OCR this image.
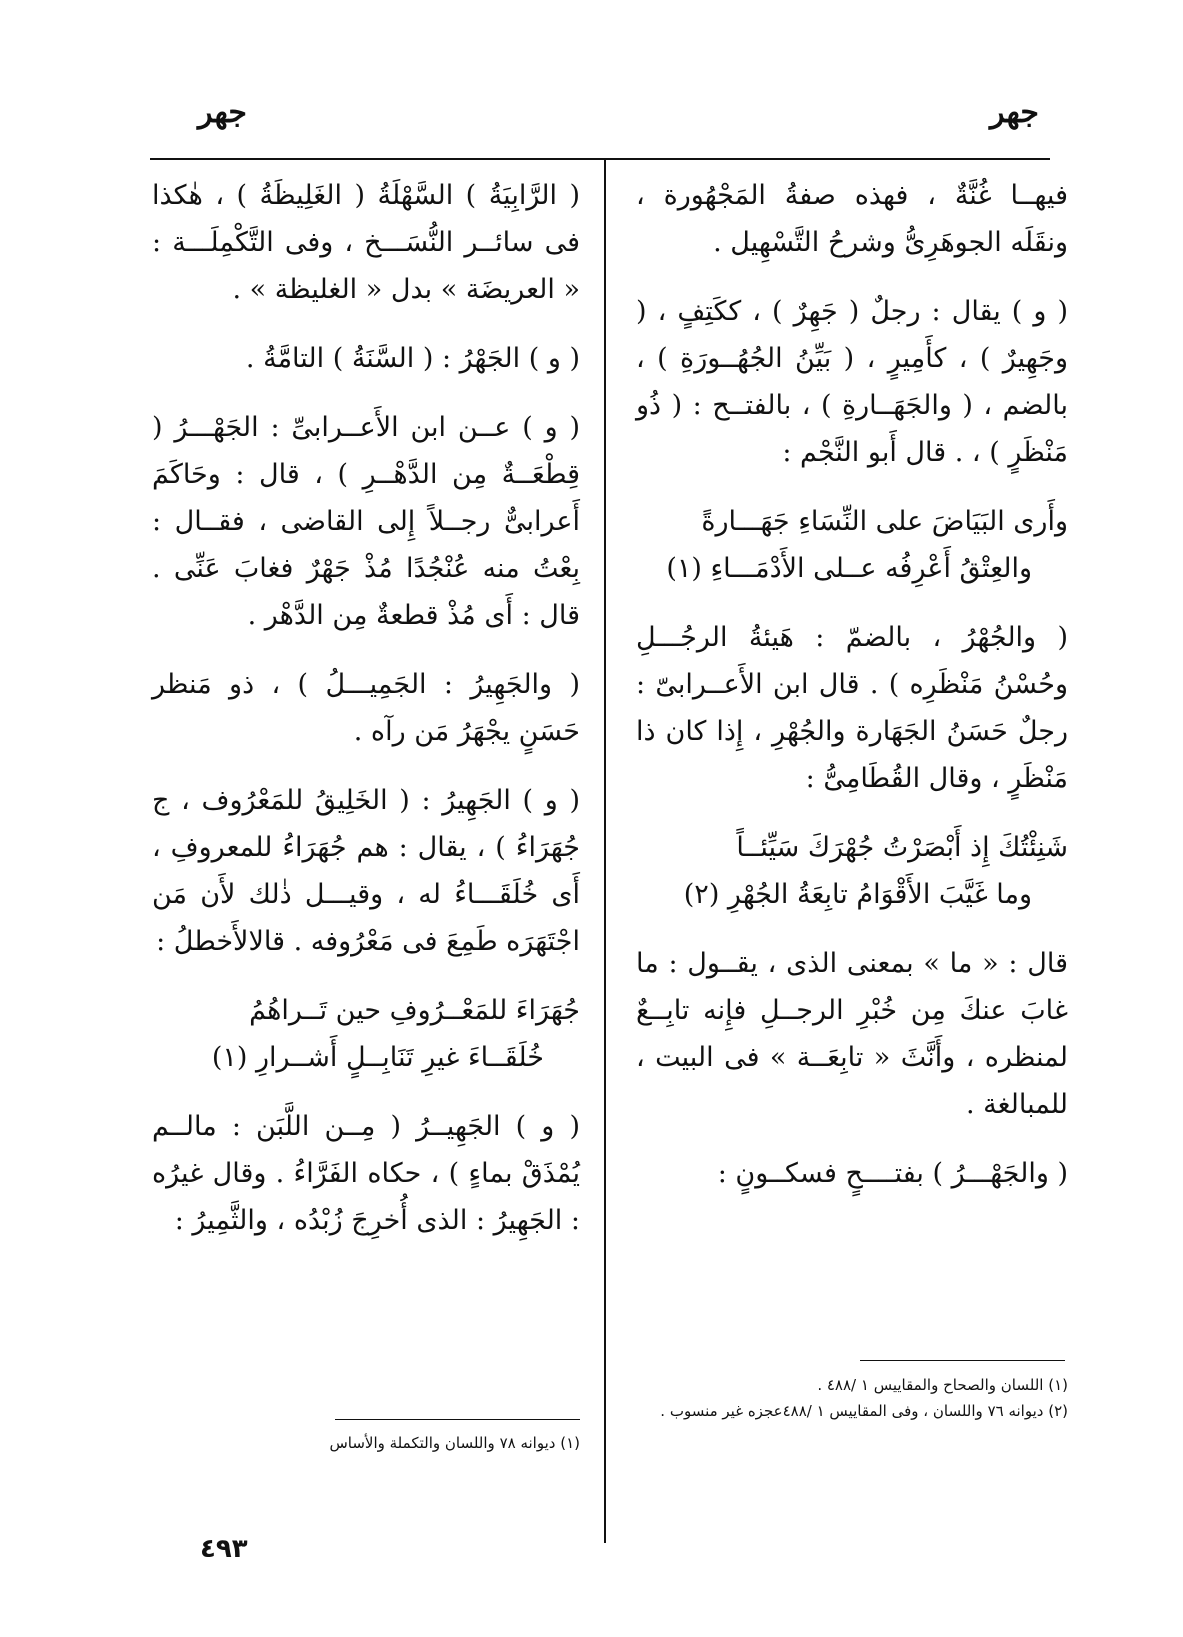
جهر
جهر

فيهــا غُنَّةٌ ، فهذه صفةُ المَجْهُورة ، ونقَلَه الجوهَرِىُّ وشرحُ التَّسْهِيل .

( و ) يقال : رجلٌ ( جَهِرٌ ) ، ككَتِفٍ ، ( وجَهِيرٌ ) ، كأَمِيرٍ ، ( بَيِّنُ الجُهُــورَةِ ) ، بالضم ، ( والجَهَــارةِ ) ، بالفتــح : ( ذُو مَنْظَرٍ ) ، . قال أَبو النَّجْم :

وأَرى البَيَاضَ على النِّسَاءِ جَهَـــارةً
والعِتْقُ أَعْرِفُه عــلى الأَدْمَـــاءِ (١)

( والجُهْرُ ، بالضمّ : هَيئةُ الرجُـــلِ وحُسْنُ مَنْظَرِه ) . قال ابن الأَعــرابىّ : رجلٌ حَسَنُ الجَهَارة والجُهْرِ ، إِذا كان ذا مَنْظَرٍ ، وقال القُطَامِىُّ :

شَنِئْتُكَ إِذ أَبْصَرْتُ جُهْرَكَ سَيِّئــاً
وما غَيَّبَ الأَقْوَامُ تابِعَةُ الجُهْرِ (٢)

قال : « ما » بمعنى الذى ، يقــول : ما غابَ عنكَ مِن خُبْرِ الرجــلِ فإِنه تابِــعٌ لمنظره ، وأَنَّثَ « تابِعَــة » فى البيت ، للمبالغة .

( والجَهْـــرُ ) بفتــــحٍ فسكــونٍ :

(١) اللسان والصحاح والمقاييس ١ /٤٨٨ .
(٢) ديوانه ٧٦ واللسان ، وفى المقاييس ١ /٤٨٨عجزه غير منسوب .

( الرَّابِيَةُ ) السَّهْلَةُ ( الغَلِيظَةُ ) ، هٰكذا فى سائــر النُّسَـــخ ، وفى التَّكْمِلَـــة : « العريضَة » بدل « الغليظة » .

( و ) الجَهْرُ : ( السَّنَةُ ) التامَّةُ .

( و ) عــن ابن الأَعــرابىِّ : الجَهْـــرُ ( قِطْعَــةٌ مِن الدَّهْــرِ ) ، قال : وحَاكَمَ أَعرابىٌّ رجــلاً إِلى القاضى ، فقــال : بِعْتُ منه عُنْجُدًا مُذْ جَهْرٌ فغابَ عَنِّى . قال : أَى مُذْ قطعةٌ مِن الدَّهْر .

( والجَهِيرُ : الجَمِيـــلُ ) ، ذو مَنظر حَسَنٍ يجْهَرُ مَن رآه .

( و ) الجَهِيرُ : ( الخَلِيقُ للمَعْرُوف ، ج جُهَرَاءُ ) ، يقال : هم جُهَرَاءُ للمعروفِ ، أَى خُلَقَـــاءُ له ، وقيـــل ذٰلك لأَن مَن اجْتَهَرَه طَمِعَ فى مَعْرُوفه . قالالأَخطلُ :

جُهَرَاءَ للمَعْــرُوفِ حين تَــراهُمُ
خُلَقَــاءَ غيرِ تَنَابِــلٍ أَشــرارِ (١)

( و ) الجَهِيــرُ ( مِــن اللَّبَن : مالــم يُمْذَقْ بماءٍ ) ، حكاه الفَرَّاءُ . وقال غيرُه : الجَهِيرُ : الذى أُخرِجَ زُبْدُه ، والثَّمِيرُ :

(١) ديوانه ٧٨ واللسان والتكملة والأساس
٤٩٣
